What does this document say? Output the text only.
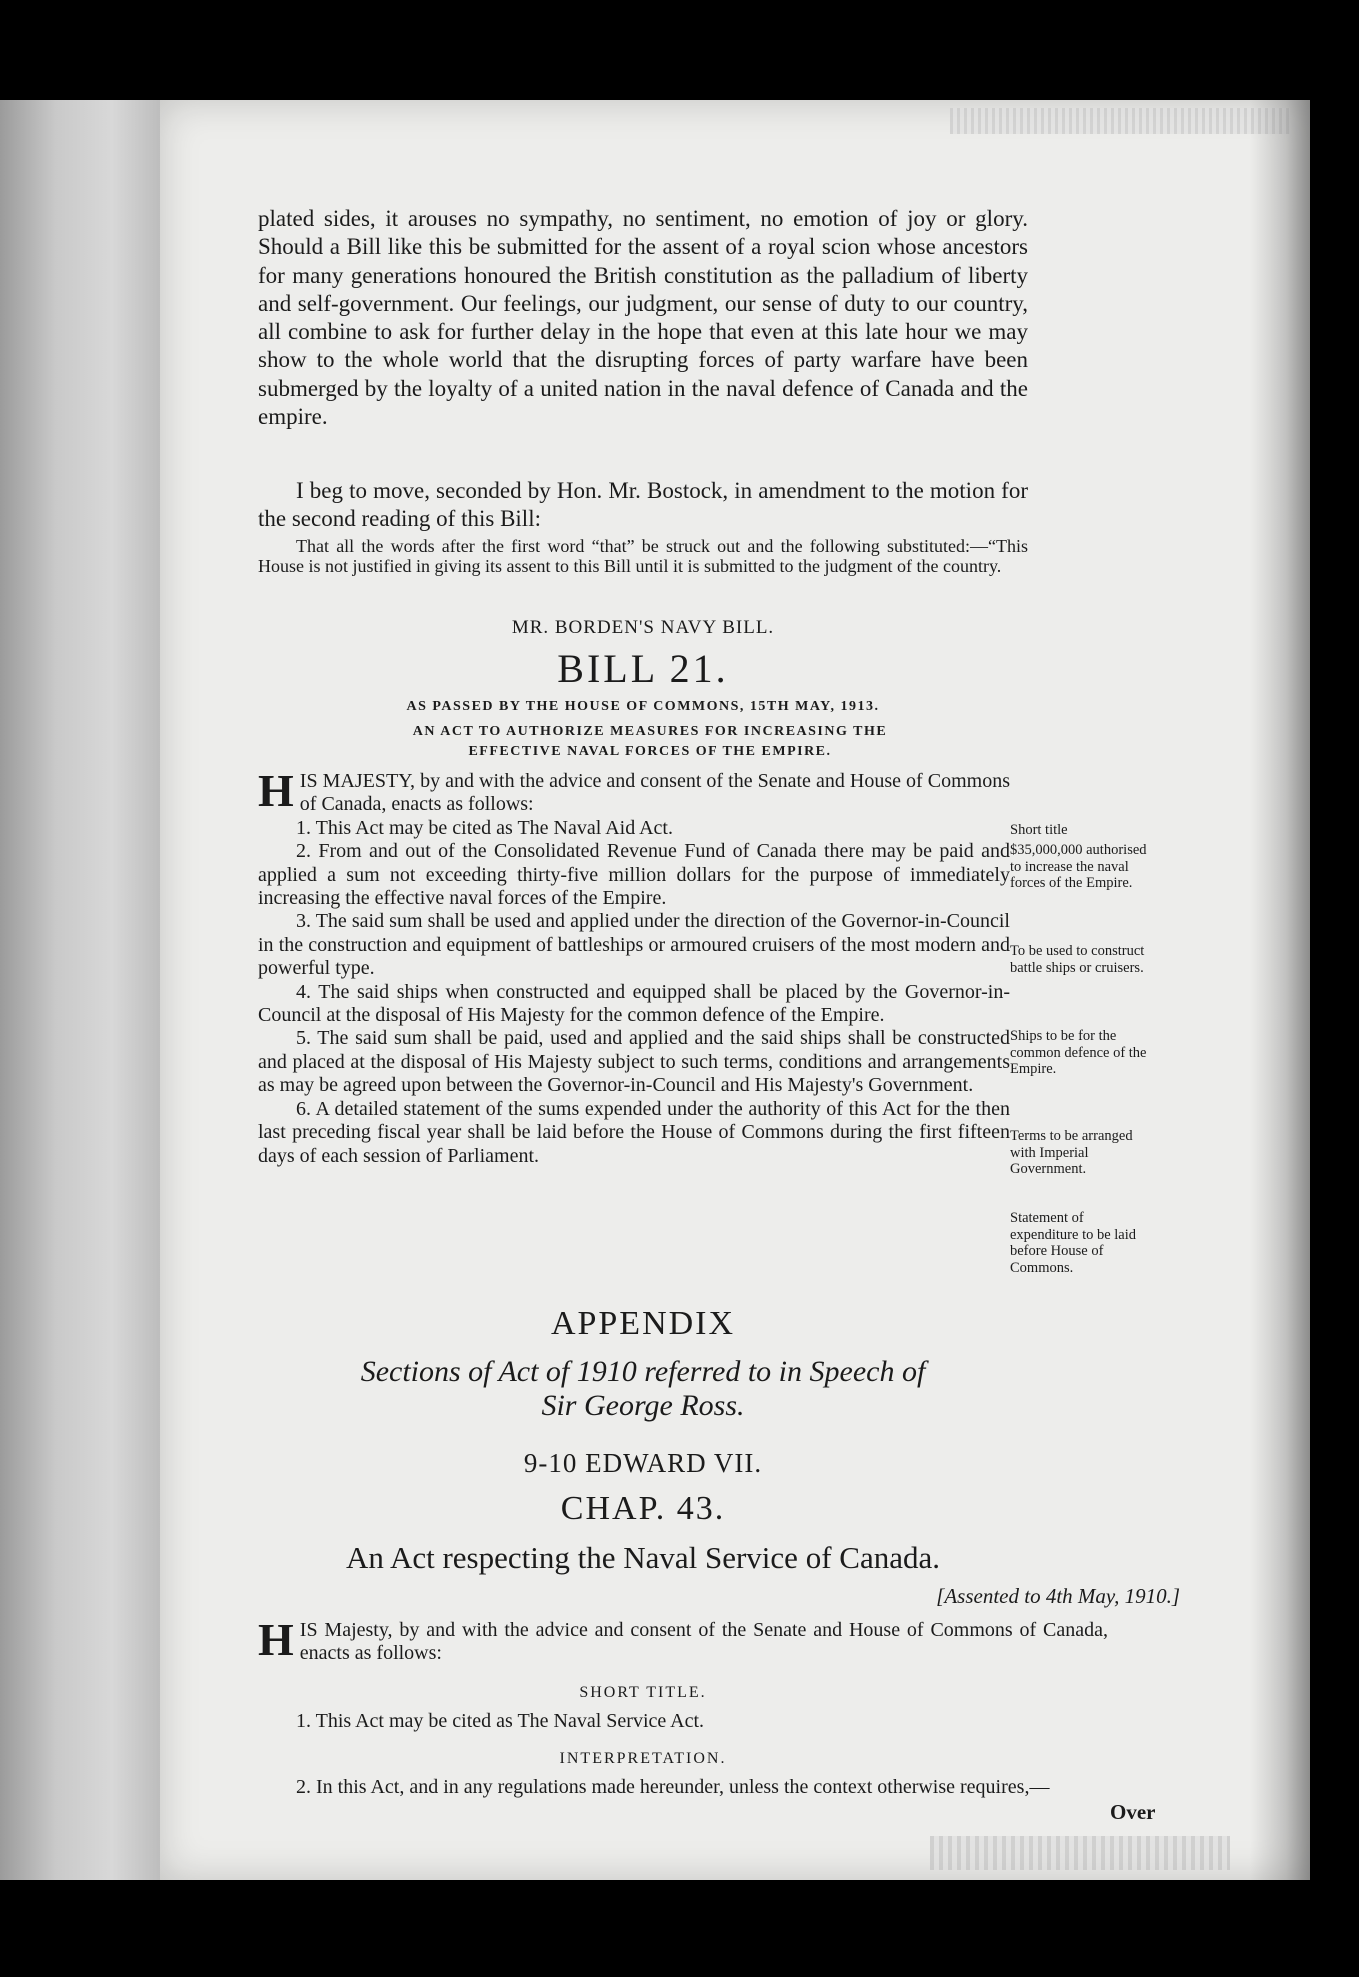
plated sides, it arouses no sympathy, no sentiment, no emotion of joy or glory. Should a Bill like this be submitted for the assent of a royal scion whose ancestors for many generations honoured the British constitution as the palladium of liberty and self-government. Our feelings, our judgment, our sense of duty to our country, all combine to ask for further delay in the hope that even at this late hour we may show to the whole world that the disrupting forces of party warfare have been submerged by the loyalty of a united nation in the naval defence of Canada and the empire.

I beg to move, seconded by Hon. Mr. Bostock, in amendment to the motion for the second reading of this Bill:

That all the words after the first word “that” be struck out and the following substituted:—“This House is not justified in giving its assent to this Bill until it is submitted to the judgment of the country.

MR. BORDEN'S NAVY BILL.
BILL 21.
AS PASSED BY THE HOUSE OF COMMONS, 15TH MAY, 1913.
AN ACT TO AUTHORIZE MEASURES FOR INCREASING THE EFFECTIVE NAVAL FORCES OF THE EMPIRE.

HIS MAJESTY, by and with the advice and consent of the Senate and House of Commons of Canada, enacts as follows:

1. This Act may be cited as The Naval Aid Act.

2. From and out of the Consolidated Revenue Fund of Canada there may be paid and applied a sum not exceeding thirty-five million dollars for the purpose of immediately increasing the effective naval forces of the Empire.

3. The said sum shall be used and applied under the direction of the Governor-in-Council in the construction and equipment of battleships or armoured cruisers of the most modern and powerful type.

4. The said ships when constructed and equipped shall be placed by the Governor-in-Council at the disposal of His Majesty for the common defence of the Empire.

5. The said sum shall be paid, used and applied and the said ships shall be constructed and placed at the disposal of His Majesty subject to such terms, conditions and arrangements as may be agreed upon between the Governor-in-Council and His Majesty's Government.

6. A detailed statement of the sums expended under the authority of this Act for the then last preceding fiscal year shall be laid before the House of Commons during the first fifteen days of each session of Parliament.

Short title
$35,000,000 authorised to increase the naval forces of the Empire.
To be used to construct battle ships or cruisers.
Ships to be for the common defence of the Empire.
Terms to be arranged with Imperial Government.
Statement of expenditure to be laid before House of Commons.
APPENDIX
Sections of Act of 1910 referred to in Speech of
Sir George Ross.
9-10 EDWARD VII.
CHAP. 43.
An Act respecting the Naval Service of Canada.
[Assented to 4th May, 1910.]

HIS Majesty, by and with the advice and consent of the Senate and House of Commons of Canada, enacts as follows:

SHORT TITLE.

1. This Act may be cited as The Naval Service Act.

INTERPRETATION.

2. In this Act, and in any regulations made hereunder, unless the context otherwise requires,—

Over
